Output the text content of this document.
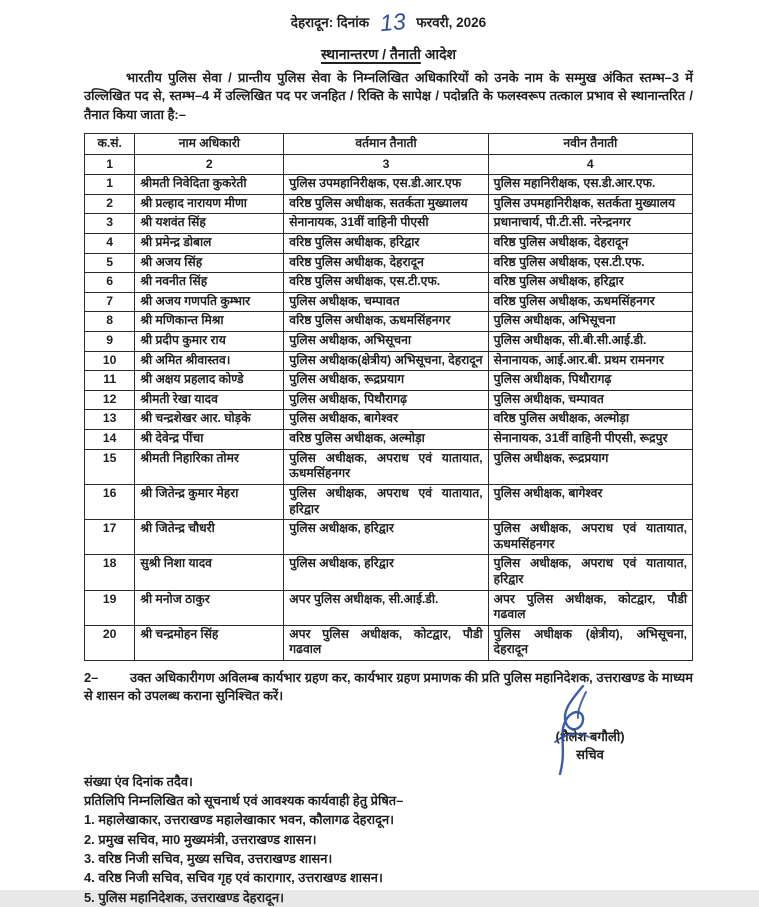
देहरादून: दिनांक 13 फरवरी, 2026
स्थानान्तरण / तैनाती आदेश

भारतीय पुलिस सेवा / प्रान्तीय पुलिस सेवा के निम्नलिखित अधिकारियों को उनके नाम के सम्मुख अंकित स्तम्भ–3 में उल्लिखित पद से, स्तम्भ–4 में उल्लिखित पद पर जनहित / रिक्ति के सापेक्ष / पदोन्नति के फलस्वरूप तत्काल प्रभाव से स्थानान्तरित / तैनात किया जाता है:–

क.सं.	नाम अधिकारी	वर्तमान तैनाती	नवीन तैनाती
1	2	3	4
1	श्रीमती निवेदिता कुकरेती	पुलिस उपमहानिरीक्षक, एस.डी.आर.एफ	पुलिस महानिरीक्षक, एस.डी.आर.एफ.
2	श्री प्रल्हाद नारायण मीणा	वरिष्ठ पुलिस अधीक्षक, सतर्कता मुख्यालय	पुलिस उपमहानिरीक्षक, सतर्कता मुख्यालय
3	श्री यशवंत सिंह	सेनानायक, 31वीं वाहिनी पीएसी	प्रधानाचार्य, पी.टी.सी. नरेन्द्रनगर
4	श्री प्रमेन्द्र डोबाल	वरिष्ठ पुलिस अधीक्षक, हरिद्वार	वरिष्ठ पुलिस अधीक्षक, देहरादून
5	श्री अजय सिंह	वरिष्ठ पुलिस अधीक्षक, देहरादून	वरिष्ठ पुलिस अधीक्षक, एस.टी.एफ.
6	श्री नवनीत सिंह	वरिष्ठ पुलिस अधीक्षक, एस.टी.एफ.	वरिष्ठ पुलिस अधीक्षक, हरिद्वार
7	श्री अजय गणपति कुम्भार	पुलिस अधीक्षक, चम्पावत	वरिष्ठ पुलिस अधीक्षक, ऊधमसिंहनगर
8	श्री मणिकान्त मिश्रा	वरिष्ठ पुलिस अधीक्षक, ऊधमसिंहनगर	पुलिस अधीक्षक, अभिसूचना
9	श्री प्रदीप कुमार राय	पुलिस अधीक्षक, अभिसूचना	पुलिस अधीक्षक, सी.बी.सी.आई.डी.
10	श्री अमित श्रीवास्तव।	पुलिस अधीक्षक(क्षेत्रीय) अभिसूचना, देहरादून	सेनानायक, आई.आर.बी. प्रथम रामनगर
11	श्री अक्षय प्रहलाद कोण्डे	पुलिस अधीक्षक, रूद्रप्रयाग	पुलिस अधीक्षक, पिथौरागढ़
12	श्रीमती रेखा यादव	पुलिस अधीक्षक, पिथौरागढ़	पुलिस अधीक्षक, चम्पावत
13	श्री चन्द्रशेखर आर. घोड़के	पुलिस अधीक्षक, बागेश्वर	वरिष्ठ पुलिस अधीक्षक, अल्मोड़ा
14	श्री देवेन्द्र पींचा	वरिष्ठ पुलिस अधीक्षक, अल्मोड़ा	सेनानायक, 31वीं वाहिनी पीएसी, रूद्रपुर
15	श्रीमती निहारिका तोमर	पुलिस अधीक्षक, अपराध एवं यातायात, ऊधमसिंहनगर	पुलिस अधीक्षक, रूद्रप्रयाग
16	श्री जितेन्द्र कुमार मेहरा	पुलिस अधीक्षक, अपराध एवं यातायात, हरिद्वार	पुलिस अधीक्षक, बागेश्वर
17	श्री जितेन्द्र चौधरी	पुलिस अधीक्षक, हरिद्वार	पुलिस अधीक्षक, अपराध एवं यातायात, ऊधमसिंहनगर
18	सुश्री निशा यादव	पुलिस अधीक्षक, हरिद्वार	पुलिस अधीक्षक, अपराध एवं यातायात, हरिद्वार
19	श्री मनोज ठाकुर	अपर पुलिस अधीक्षक, सी.आई.डी.	अपर पुलिस अधीक्षक, कोटद्वार, पौडी गढवाल
20	श्री चन्द्रमोहन सिंह	अपर पुलिस अधीक्षक, कोटद्वार, पौडी गढवाल	पुलिस अधीक्षक (क्षेत्रीय), अभिसूचना, देहरादून

2– उक्त अधिकारीगण अविलम्ब कार्यभार ग्रहण कर, कार्यभार ग्रहण प्रमाणक की प्रति पुलिस महानिदेशक, उत्तराखण्ड के माध्यम से शासन को उपलब्ध कराना सुनिश्चित करें।

(शैलेश बगौली)
सचिव
संख्या एंव दिनांक तदैव।
प्रतिलिपि निम्नलिखित को सूचनार्थ एवं आवश्यक कार्यवाही हेतु प्रेषित–
1. महालेखाकार, उत्तराखण्ड महालेखाकार भवन, कौलागढ देहरादून।
2. प्रमुख सचिव, मा0 मुख्यमंत्री, उत्तराखण्ड शासन।
3. वरिष्ठ निजी सचिव, मुख्य सचिव, उत्तराखण्ड शासन।
4. वरिष्ठ निजी सचिव, सचिव गृह एवं कारागार, उत्तराखण्ड शासन।
5. पुलिस महानिदेशक, उत्तराखण्ड देहरादून।
